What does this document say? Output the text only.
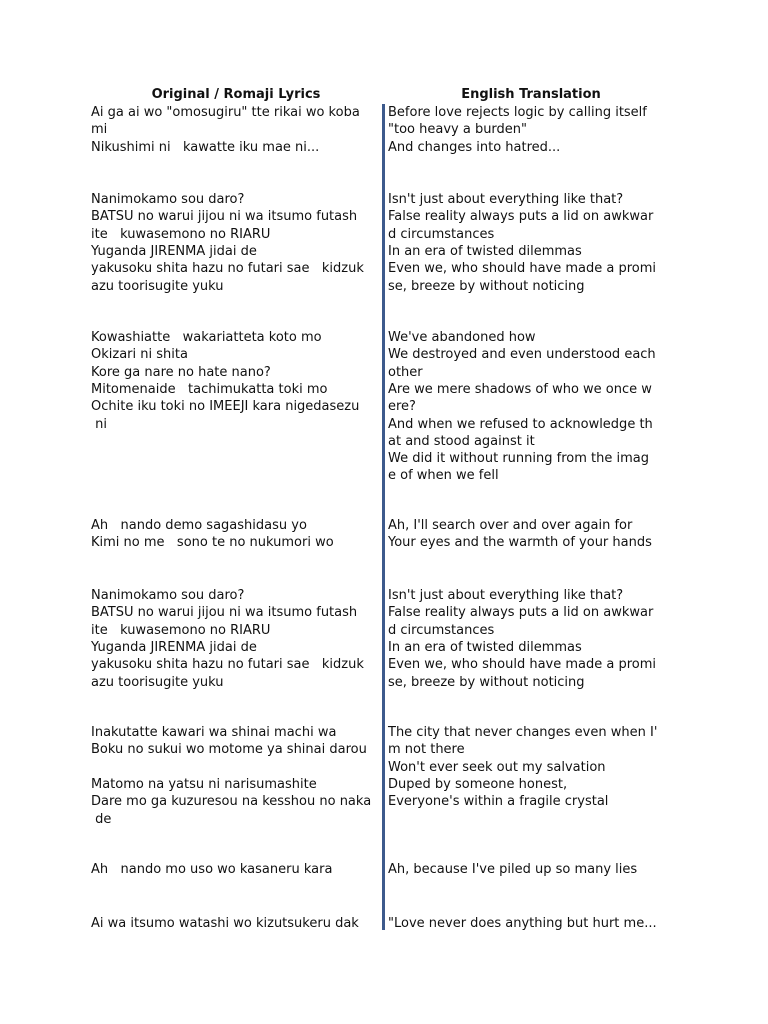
Original / Romaji Lyrics	English Translation
Ai ga ai wo "omosugiru" tte rikai wo koba
mi
Nikushimi ni   kawatte iku mae ni...
Before love rejects logic by calling itself
"too heavy a burden"
And changes into hatred...
Nanimokamo sou daro?
BATSU no warui jijou ni wa itsumo futash
ite   kuwasemono no RIARU
Yuganda JIRENMA jidai de
yakusoku shita hazu no futari sae   kidzuk
azu toorisugite yuku
Isn't just about everything like that?
False reality always puts a lid on awkwar
d circumstances
In an era of twisted dilemmas
Even we, who should have made a promi
se, breeze by without noticing
Kowashiatte   wakariatteta koto mo
Okizari ni shita
Kore ga nare no hate nano?
Mitomenaide   tachimukatta toki mo
Ochite iku toki no IMEEJI kara nigedasezu
ni
We've abandoned how
We destroyed and even understood each
other
Are we mere shadows of who we once w
ere?
And when we refused to acknowledge th
at and stood against it
We did it without running from the imag
e of when we fell
Ah   nando demo sagashidasu yo
Kimi no me   sono te no nukumori wo
Ah, I'll search over and over again for
Your eyes and the warmth of your hands
Nanimokamo sou daro?
BATSU no warui jijou ni wa itsumo futash
ite   kuwasemono no RIARU
Yuganda JIRENMA jidai de
yakusoku shita hazu no futari sae   kidzuk
azu toorisugite yuku
Isn't just about everything like that?
False reality always puts a lid on awkwar
d circumstances
In an era of twisted dilemmas
Even we, who should have made a promi
se, breeze by without noticing
Inakutatte kawari wa shinai machi wa
Boku no sukui wo motome ya shinai darou
Matomo na yatsu ni narisumashite
Dare mo ga kuzuresou na kesshou no naka
de
The city that never changes even when I'
m not there
Won't ever seek out my salvation
Duped by someone honest,
Everyone's within a fragile crystal
Ah   nando mo uso wo kasaneru kara	Ah, because I've piled up so many lies
Ai wa itsumo watashi wo kizutsukeru dak "Love never does anything but hurt me...
